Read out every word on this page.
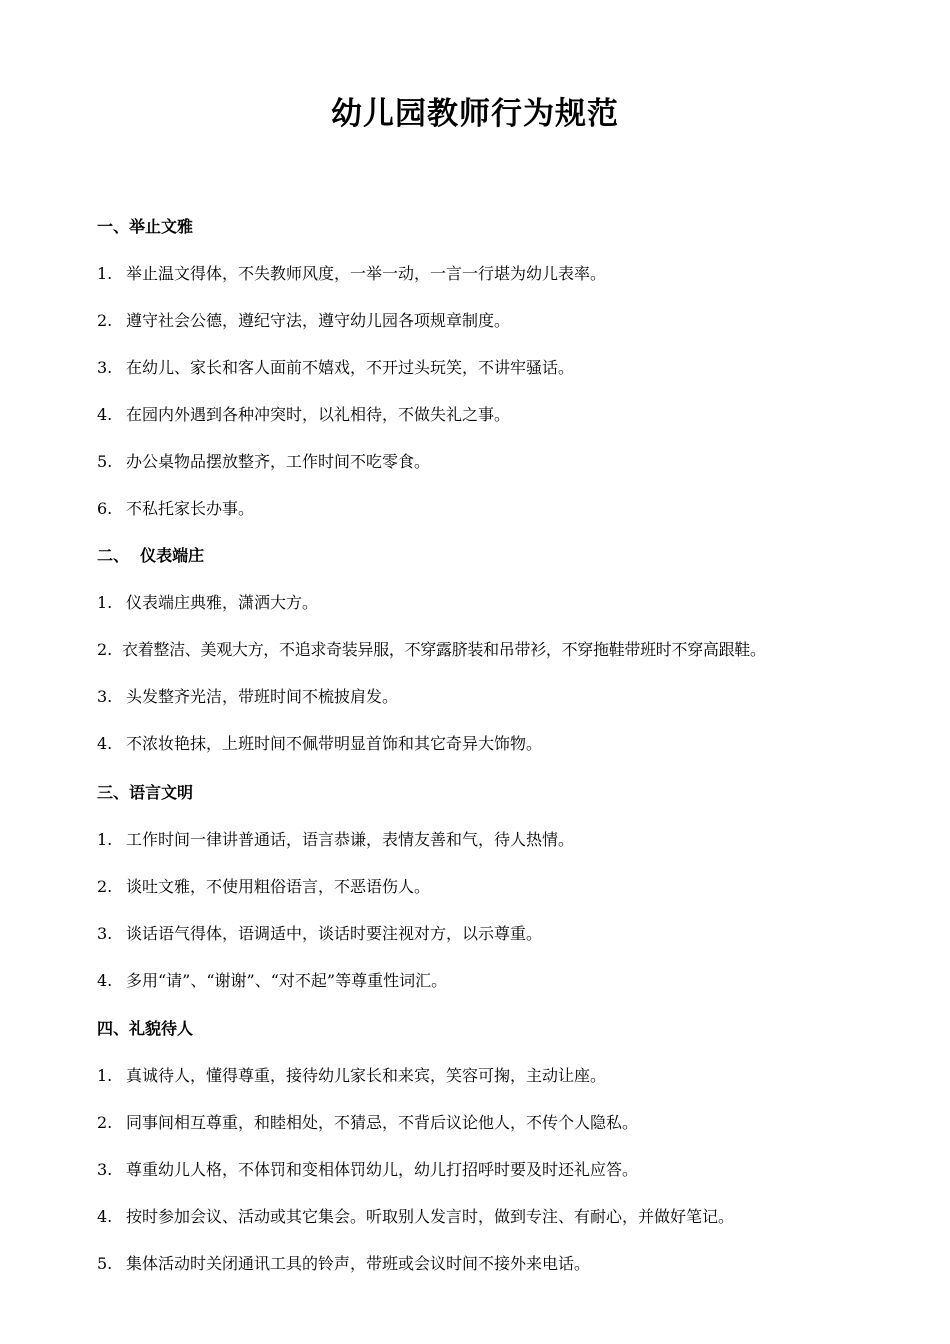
幼儿园教师行为规范
一、举止文雅
1. 举止温文得体，不失教师风度，一举一动，一言一行堪为幼儿表率。
2. 遵守社会公德，遵纪守法，遵守幼儿园各项规章制度。
3. 在幼儿、家长和客人面前不嬉戏，不开过头玩笑，不讲牢骚话。
4. 在园内外遇到各种冲突时，以礼相待，不做失礼之事。
5. 办公桌物品摆放整齐，工作时间不吃零食。
6. 不私托家长办事。
二、  仪表端庄
1. 仪表端庄典雅，潇洒大方。
2. 衣着整洁、美观大方，不追求奇装异服，不穿露脐装和吊带衫，不穿拖鞋带班时不穿高跟鞋。
3. 头发整齐光洁，带班时间不梳披肩发。
4. 不浓妆艳抹，上班时间不佩带明显首饰和其它奇异大饰物。
三、语言文明
1. 工作时间一律讲普通话，语言恭谦，表情友善和气，待人热情。
2. 谈吐文雅，不使用粗俗语言，不恶语伤人。
3. 谈话语气得体，语调适中，谈话时要注视对方，以示尊重。
4. 多用“请”、“谢谢”、“对不起”等尊重性词汇。
四、礼貌待人
1. 真诚待人，懂得尊重，接待幼儿家长和来宾，笑容可掬，主动让座。
2. 同事间相互尊重，和睦相处，不猜忌，不背后议论他人，不传个人隐私。
3. 尊重幼儿人格，不体罚和变相体罚幼儿，幼儿打招呼时要及时还礼应答。
4. 按时参加会议、活动或其它集会。听取别人发言时，做到专注、有耐心，并做好笔记。
5. 集体活动时关闭通讯工具的铃声，带班或会议时间不接外来电话。
